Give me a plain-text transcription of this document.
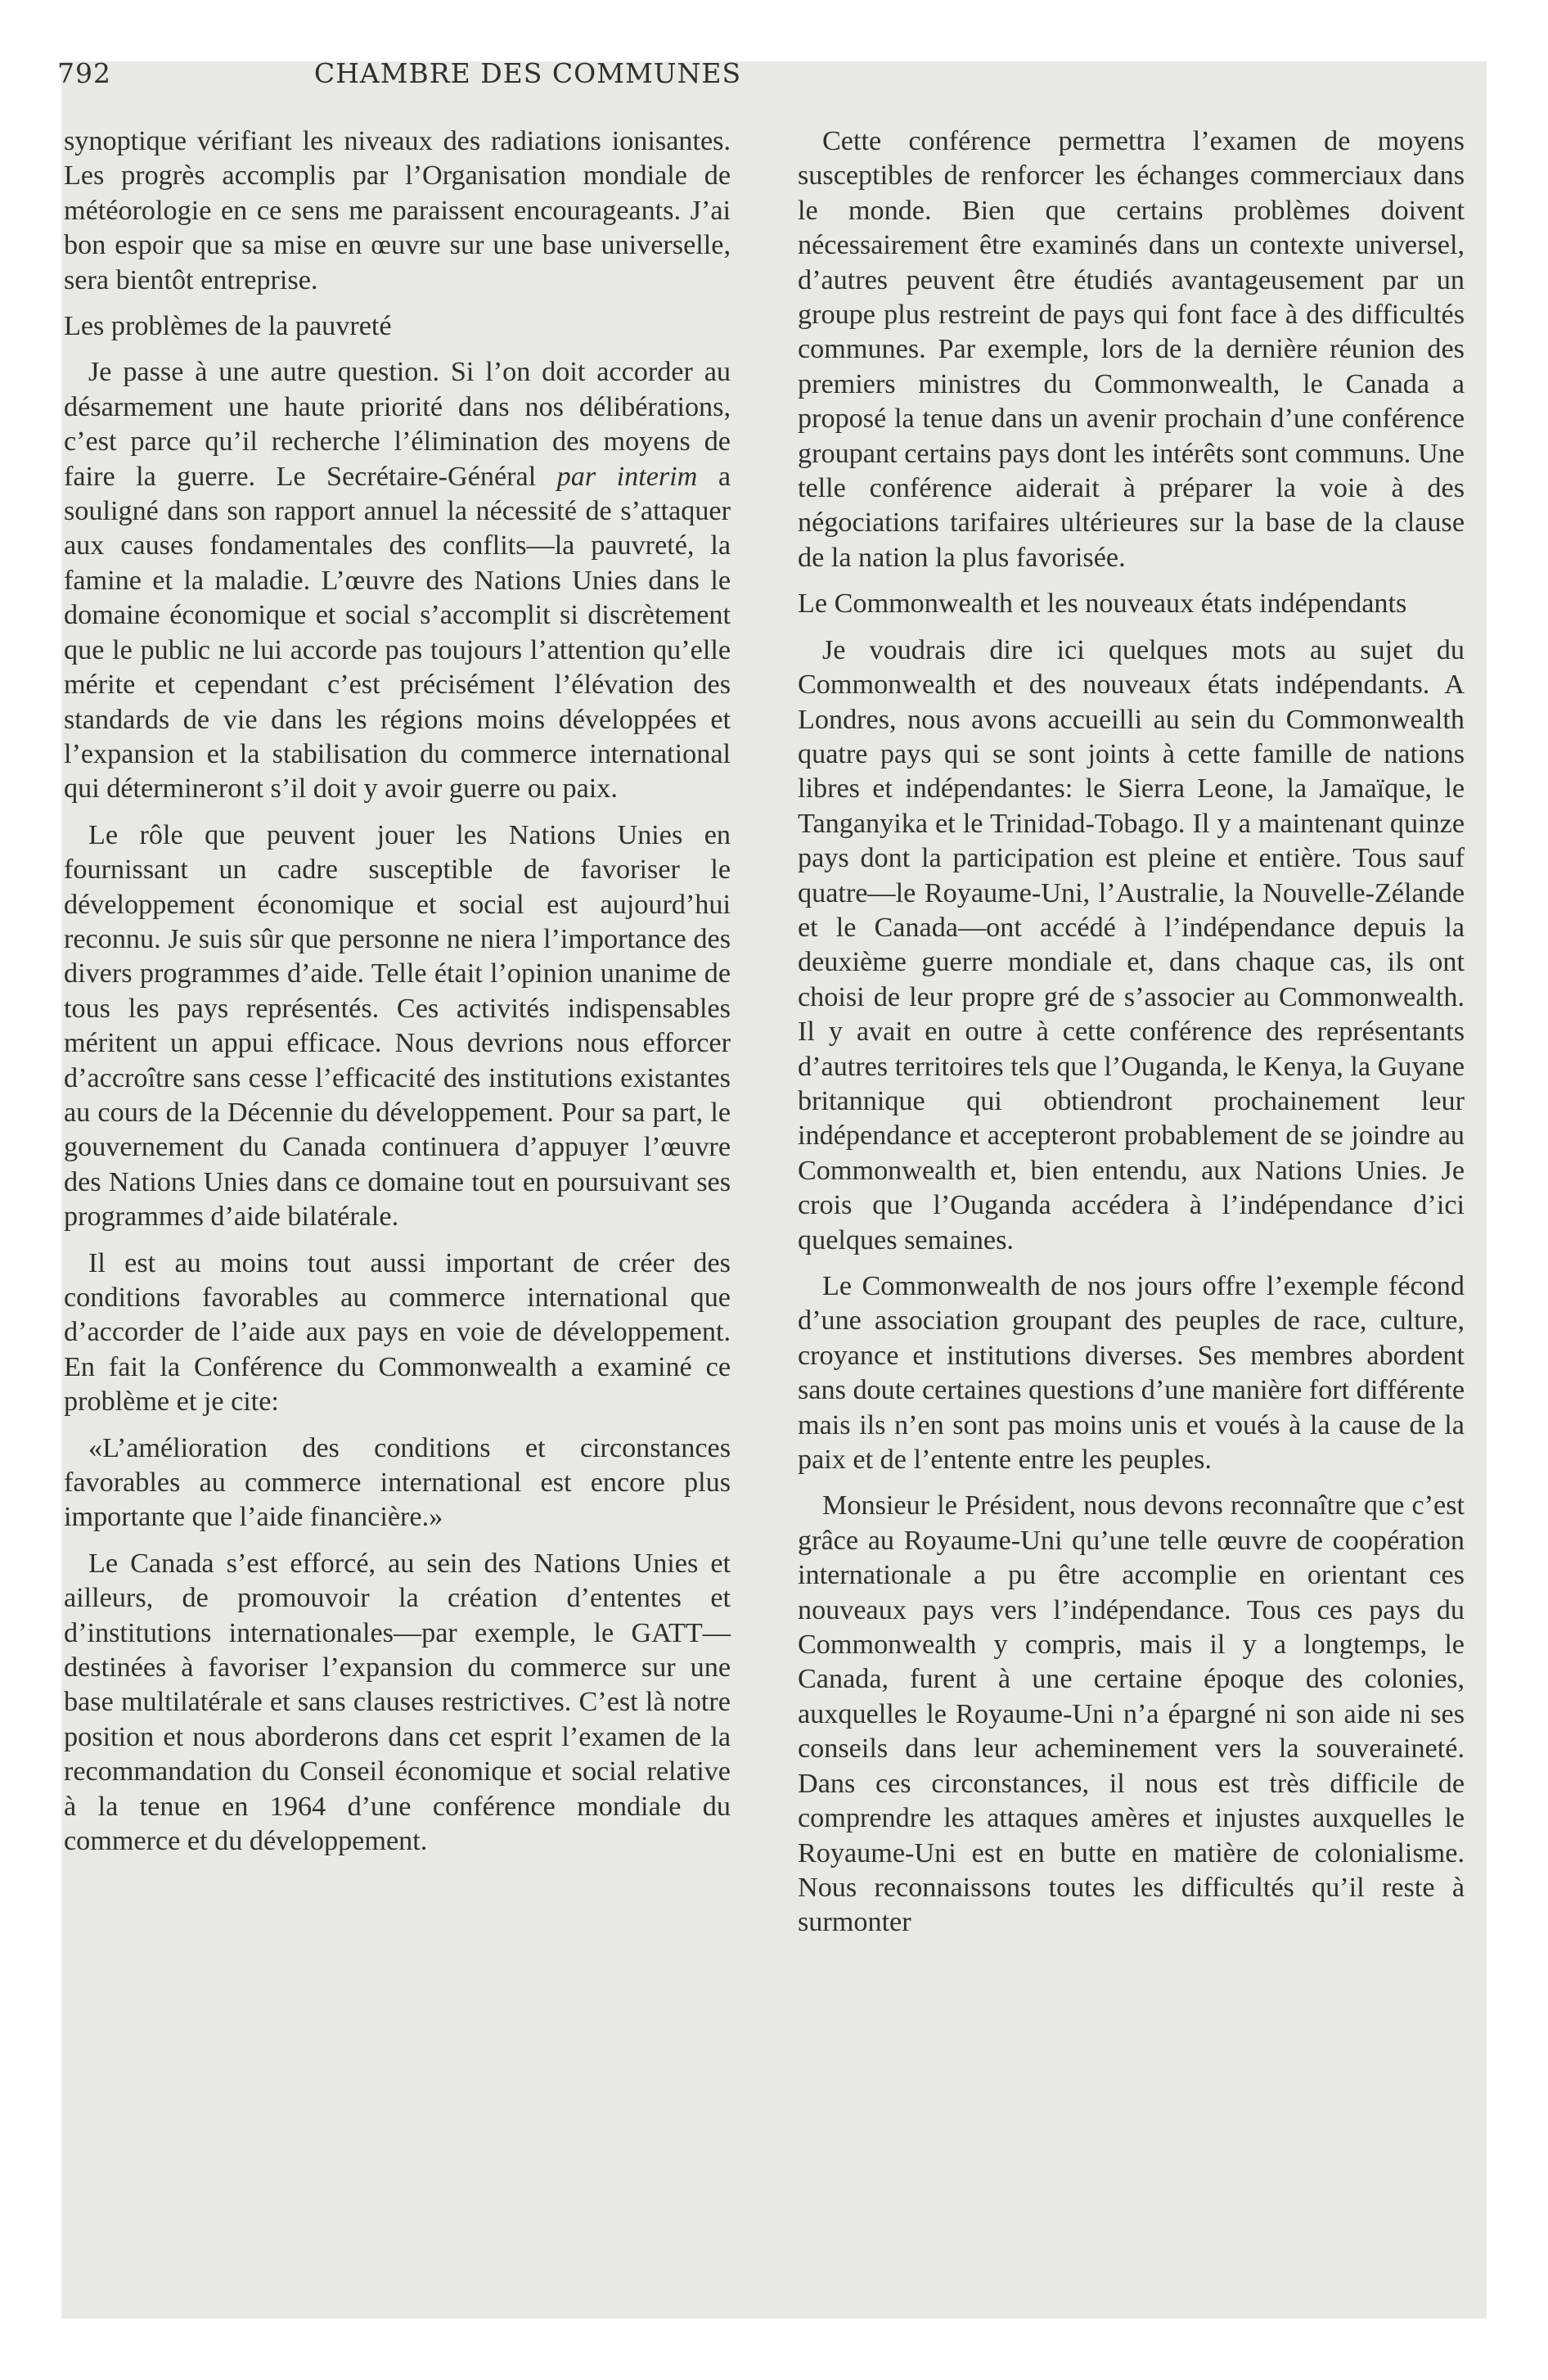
792	CHAMBRE DES COMMUNES

synoptique vérifiant les niveaux des radiations ionisantes. Les progrès accomplis par l’Organisation mondiale de météorologie en ce sens me paraissent encourageants. J’ai bon espoir que sa mise en œuvre sur une base universelle, sera bientôt entreprise.

Les problèmes de la pauvreté

Je passe à une autre question. Si l’on doit accorder au désarmement une haute priorité dans nos délibérations, c’est parce qu’il recherche l’élimination des moyens de faire la guerre. Le Secrétaire-Général par interim a souligné dans son rapport annuel la nécessité de s’attaquer aux causes fondamentales des conflits—la pauvreté, la famine et la maladie. L’œuvre des Nations Unies dans le domaine économique et social s’accomplit si discrètement que le public ne lui accorde pas toujours l’attention qu’elle mérite et cependant c’est précisément l’élévation des standards de vie dans les régions moins développées et l’expansion et la stabilisation du commerce international qui détermineront s’il doit y avoir guerre ou paix.

Le rôle que peuvent jouer les Nations Unies en fournissant un cadre susceptible de favoriser le développement économique et social est aujourd’hui reconnu. Je suis sûr que personne ne niera l’importance des divers programmes d’aide. Telle était l’opinion unanime de tous les pays représentés. Ces activités indispensables méritent un appui efficace. Nous devrions nous efforcer d’accroître sans cesse l’efficacité des institutions existantes au cours de la Décennie du développement. Pour sa part, le gouvernement du Canada continuera d’appuyer l’œuvre des Nations Unies dans ce domaine tout en poursuivant ses programmes d’aide bilatérale.

Il est au moins tout aussi important de créer des conditions favorables au commerce international que d’accorder de l’aide aux pays en voie de développement. En fait la Conférence du Commonwealth a examiné ce problème et je cite:

«L’amélioration des conditions et circonstances favorables au commerce international est encore plus importante que l’aide financière.»

Le Canada s’est efforcé, au sein des Nations Unies et ailleurs, de promouvoir la création d’ententes et d’institutions internationales—par exemple, le GATT—destinées à favoriser l’expansion du commerce sur une base multilatérale et sans clauses restrictives. C’est là notre position et nous aborderons dans cet esprit l’examen de la recommandation du Conseil économique et social relative à la tenue en 1964 d’une conférence mondiale du commerce et du développement.

Cette conférence permettra l’examen de moyens susceptibles de renforcer les échanges commerciaux dans le monde. Bien que certains problèmes doivent nécessairement être examinés dans un contexte universel, d’autres peuvent être étudiés avantageusement par un groupe plus restreint de pays qui font face à des difficultés communes. Par exemple, lors de la dernière réunion des premiers ministres du Commonwealth, le Canada a proposé la tenue dans un avenir prochain d’une conférence groupant certains pays dont les intérêts sont communs. Une telle conférence aiderait à préparer la voie à des négociations tarifaires ultérieures sur la base de la clause de la nation la plus favorisée.

Le Commonwealth et les nouveaux états indépendants

Je voudrais dire ici quelques mots au sujet du Commonwealth et des nouveaux états indépendants. A Londres, nous avons accueilli au sein du Commonwealth quatre pays qui se sont joints à cette famille de nations libres et indépendantes: le Sierra Leone, la Jamaïque, le Tanganyika et le Trinidad-Tobago. Il y a maintenant quinze pays dont la participation est pleine et entière. Tous sauf quatre—le Royaume-Uni, l’Australie, la Nouvelle-Zélande et le Canada—ont accédé à l’indépendance depuis la deuxième guerre mondiale et, dans chaque cas, ils ont choisi de leur propre gré de s’associer au Commonwealth. Il y avait en outre à cette conférence des représentants d’autres territoires tels que l’Ouganda, le Kenya, la Guyane britannique qui obtiendront prochainement leur indépendance et accepteront probablement de se joindre au Commonwealth et, bien entendu, aux Nations Unies. Je crois que l’Ouganda accédera à l’indépendance d’ici quelques semaines.

Le Commonwealth de nos jours offre l’exemple fécond d’une association groupant des peuples de race, culture, croyance et institutions diverses. Ses membres abordent sans doute certaines questions d’une manière fort différente mais ils n’en sont pas moins unis et voués à la cause de la paix et de l’entente entre les peuples.

Monsieur le Président, nous devons reconnaître que c’est grâce au Royaume-Uni qu’une telle œuvre de coopération internationale a pu être accomplie en orientant ces nouveaux pays vers l’indépendance. Tous ces pays du Commonwealth y compris, mais il y a longtemps, le Canada, furent à une certaine époque des colonies, auxquelles le Royaume-Uni n’a épargné ni son aide ni ses conseils dans leur acheminement vers la souveraineté. Dans ces circonstances, il nous est très difficile de comprendre les attaques amères et injustes auxquelles le Royaume-Uni est en butte en matière de colonialisme. Nous reconnaissons toutes les difficultés qu’il reste à surmonter
